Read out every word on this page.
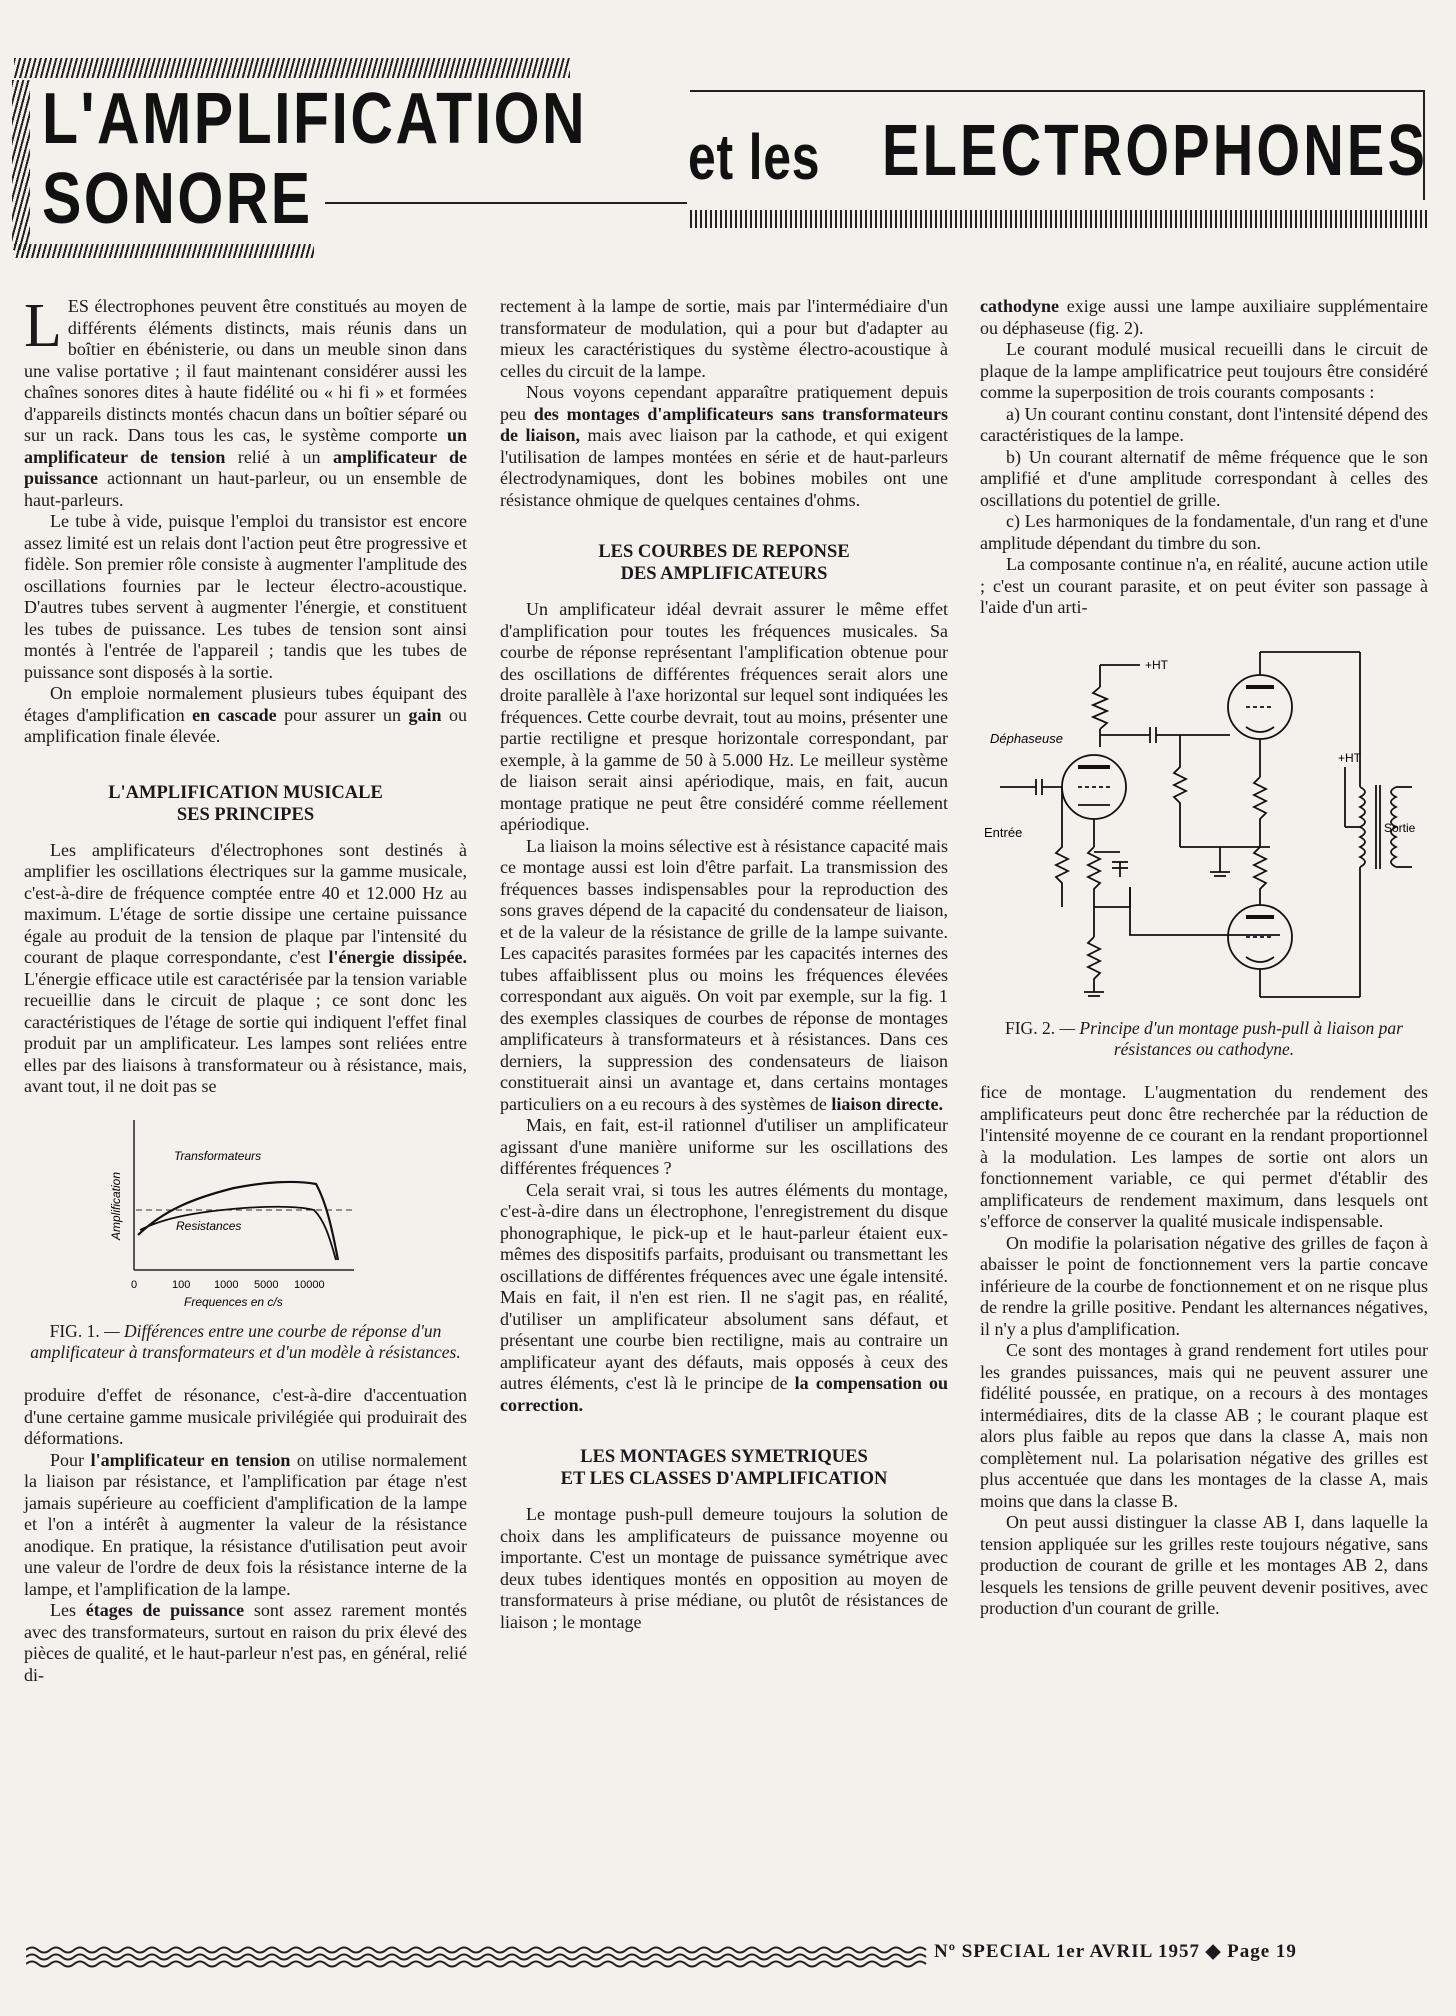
L'AMPLIFICATION
SONORE
et les ELECTROPHONES

LES électrophones peuvent être constitués au moyen de différents éléments distincts, mais réunis dans un boîtier en ébénisterie, ou dans un meuble sinon dans une valise portative ; il faut maintenant considérer aussi les chaînes sonores dites à haute fidélité ou « hi fi » et formées d'appareils distincts montés chacun dans un boîtier séparé ou sur un rack. Dans tous les cas, le système comporte un amplificateur de tension relié à un amplificateur de puissance actionnant un haut-parleur, ou un ensemble de haut-parleurs.

Le tube à vide, puisque l'emploi du transistor est encore assez limité est un relais dont l'action peut être progressive et fidèle. Son premier rôle consiste à augmenter l'amplitude des oscillations fournies par le lecteur électro-acoustique. D'autres tubes servent à augmenter l'énergie, et constituent les tubes de puissance. Les tubes de tension sont ainsi montés à l'entrée de l'appareil ; tandis que les tubes de puissance sont disposés à la sortie.

On emploie normalement plusieurs tubes équipant des étages d'amplification en cascade pour assurer un gain ou amplification finale élevée.

L'AMPLIFICATION MUSICALE
SES PRINCIPES

Les amplificateurs d'électrophones sont destinés à amplifier les oscillations électriques sur la gamme musicale, c'est-à-dire de fréquence comptée entre 40 et 12.000 Hz au maximum. L'étage de sortie dissipe une certaine puissance égale au produit de la tension de plaque par l'intensité du courant de plaque correspondante, c'est l'énergie dissipée. L'énergie efficace utile est caractérisée par la tension variable recueillie dans le circuit de plaque ; ce sont donc les caractéristiques de l'étage de sortie qui indiquent l'effet final produit par un amplificateur. Les lampes sont reliées entre elles par des liaisons à transformateur ou à résistance, mais, avant tout, il ne doit pas se

Amplification
Transformateurs
Resistances
0	100 1000 5000 10000
Frequences en c/s
FIG. 1. — Différences entre une courbe de réponse d'un amplificateur à transformateurs et d'un modèle à résistances.

produire d'effet de résonance, c'est-à-dire d'accentuation d'une certaine gamme musicale privilégiée qui produirait des déformations.

Pour l'amplificateur en tension on utilise normalement la liaison par résistance, et l'amplification par étage n'est jamais supérieure au coefficient d'amplification de la lampe et l'on a intérêt à augmenter la valeur de la résistance anodique. En pratique, la résistance d'utilisation peut avoir une valeur de l'ordre de deux fois la résistance interne de la lampe, et l'amplification de la lampe.

Les étages de puissance sont assez rarement montés avec des transformateurs, surtout en raison du prix élevé des pièces de qualité, et le haut-parleur n'est pas, en général, relié di-

rectement à la lampe de sortie, mais par l'intermédiaire d'un transformateur de modulation, qui a pour but d'adapter au mieux les caractéristiques du système électro-acoustique à celles du circuit de la lampe.

Nous voyons cependant apparaître pratiquement depuis peu des montages d'amplificateurs sans transformateurs de liaison, mais avec liaison par la cathode, et qui exigent l'utilisation de lampes montées en série et de haut-parleurs électrodynamiques, dont les bobines mobiles ont une résistance ohmique de quelques centaines d'ohms.

LES COURBES DE REPONSE
DES AMPLIFICATEURS

Un amplificateur idéal devrait assurer le même effet d'amplification pour toutes les fréquences musicales. Sa courbe de réponse représentant l'amplification obtenue pour des oscillations de différentes fréquences serait alors une droite parallèle à l'axe horizontal sur lequel sont indiquées les fréquences. Cette courbe devrait, tout au moins, présenter une partie rectiligne et presque horizontale correspondant, par exemple, à la gamme de 50 à 5.000 Hz. Le meilleur système de liaison serait ainsi apériodique, mais, en fait, aucun montage pratique ne peut être considéré comme réellement apériodique.

La liaison la moins sélective est à résistance capacité mais ce montage aussi est loin d'être parfait. La transmission des fréquences basses indispensables pour la reproduction des sons graves dépend de la capacité du condensateur de liaison, et de la valeur de la résistance de grille de la lampe suivante. Les capacités parasites formées par les capacités internes des tubes affaiblissent plus ou moins les fréquences élevées correspondant aux aiguës. On voit par exemple, sur la fig. 1 des exemples classiques de courbes de réponse de montages amplificateurs à transformateurs et à résistances. Dans ces derniers, la suppression des condensateurs de liaison constituerait ainsi un avantage et, dans certains montages particuliers on a eu recours à des systèmes de liaison directe.

Mais, en fait, est-il rationnel d'utiliser un amplificateur agissant d'une manière uniforme sur les oscillations des différentes fréquences ?

Cela serait vrai, si tous les autres éléments du montage, c'est-à-dire dans un électrophone, l'enregistrement du disque phonographique, le pick-up et le haut-parleur étaient eux-mêmes des dispositifs parfaits, produisant ou transmettant les oscillations de différentes fréquences avec une égale intensité. Mais en fait, il n'en est rien. Il ne s'agit pas, en réalité, d'utiliser un amplificateur absolument sans défaut, et présentant une courbe bien rectiligne, mais au contraire un amplificateur ayant des défauts, mais opposés à ceux des autres éléments, c'est là le principe de la compensation ou correction.

LES MONTAGES SYMETRIQUES
ET LES CLASSES D'AMPLIFICATION

Le montage push-pull demeure toujours la solution de choix dans les amplificateurs de puissance moyenne ou importante. C'est un montage de puissance symétrique avec deux tubes identiques montés en opposition au moyen de transformateurs à prise médiane, ou plutôt de résistances de liaison ; le montage

cathodyne exige aussi une lampe auxiliaire supplémentaire ou déphaseuse (fig. 2).

Le courant modulé musical recueilli dans le circuit de plaque de la lampe amplificatrice peut toujours être considéré comme la superposition de trois courants composants :

a) Un courant continu constant, dont l'intensité dépend des caractéristiques de la lampe.

b) Un courant alternatif de même fréquence que le son amplifié et d'une amplitude correspondant à celles des oscillations du potentiel de grille.

c) Les harmoniques de la fondamentale, d'un rang et d'une amplitude dépendant du timbre du son.

La composante continue n'a, en réalité, aucune action utile ; c'est un courant parasite, et on peut éviter son passage à l'aide d'un arti-

+HT
Déphaseuse
Entrée
+HT
Sortie
FIG. 2. — Principe d'un montage push-pull à liaison par résistances ou cathodyne.

fice de montage. L'augmentation du rendement des amplificateurs peut donc être recherchée par la réduction de l'intensité moyenne de ce courant en la rendant proportionnel à la modulation. Les lampes de sortie ont alors un fonctionnement variable, ce qui permet d'établir des amplificateurs de rendement maximum, dans lesquels ont s'efforce de conserver la qualité musicale indispensable.

On modifie la polarisation négative des grilles de façon à abaisser le point de fonctionnement vers la partie concave inférieure de la courbe de fonctionnement et on ne risque plus de rendre la grille positive. Pendant les alternances négatives, il n'y a plus d'amplification.

Ce sont des montages à grand rendement fort utiles pour les grandes puissances, mais qui ne peuvent assurer une fidélité poussée, en pratique, on a recours à des montages intermédiaires, dits de la classe AB ; le courant plaque est alors plus faible au repos que dans la classe A, mais non complètement nul. La polarisation négative des grilles est plus accentuée que dans les montages de la classe A, mais moins que dans la classe B.

On peut aussi distinguer la classe AB I, dans laquelle la tension appliquée sur les grilles reste toujours négative, sans production de courant de grille et les montages AB 2, dans lesquels les tensions de grille peuvent devenir positives, avec production d'un courant de grille.

Nº SPECIAL 1er AVRIL 1957 ◆ Page 19
